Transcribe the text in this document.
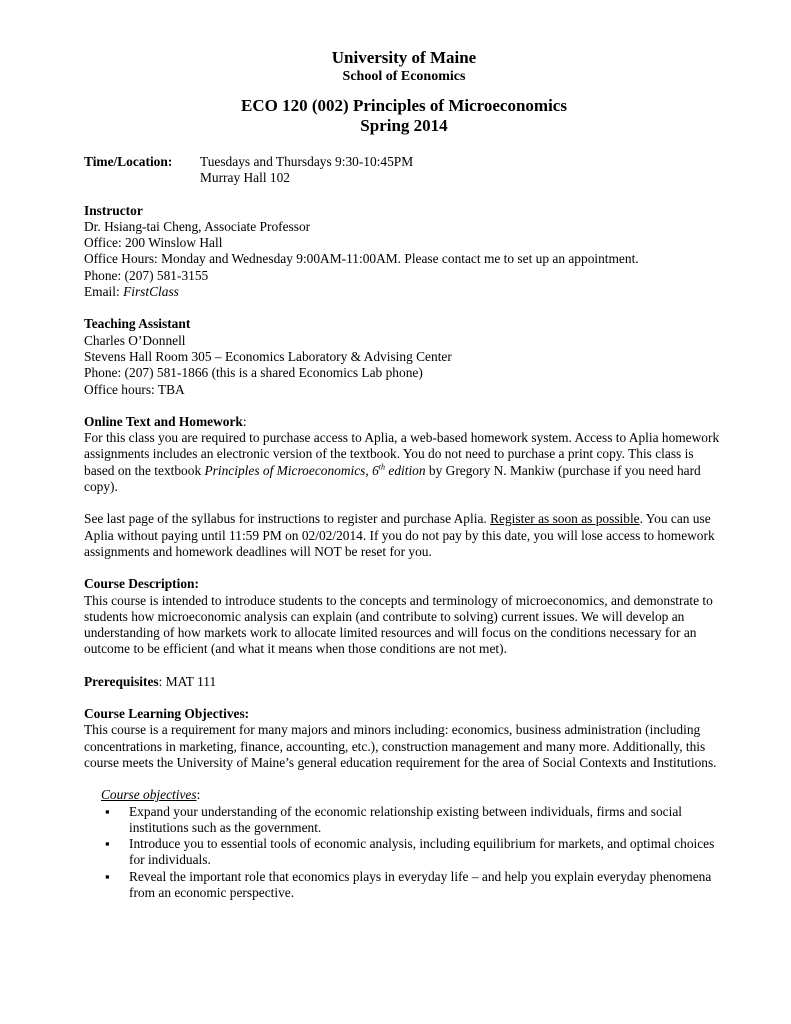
University of Maine
School of Economics
ECO 120 (002) Principles of Microeconomics
Spring 2014
Time/Location:	Tuesdays and Thursdays 9:30-10:45PM
Murray Hall 102
Instructor
Dr. Hsiang-tai Cheng, Associate Professor
Office: 200 Winslow Hall
Office Hours: Monday and Wednesday 9:00AM-11:00AM. Please contact me to set up an appointment.
Phone: (207) 581-3155
Email: FirstClass
Teaching Assistant
Charles O’Donnell
Stevens Hall Room 305 – Economics Laboratory & Advising Center
Phone: (207) 581-1866 (this is a shared Economics Lab phone)
Office hours: TBA
Online Text and Homework:
For this class you are required to purchase access to Aplia, a web-based homework system. Access to Aplia homework assignments includes an electronic version of the textbook. You do not need to purchase a print copy. This class is based on the textbook Principles of Microeconomics, 6th edition by Gregory N. Mankiw (purchase if you need hard copy).
See last page of the syllabus for instructions to register and purchase Aplia. Register as soon as possible. You can use Aplia without paying until 11:59 PM on 02/02/2014. If you do not pay by this date, you will lose access to homework assignments and homework deadlines will NOT be reset for you.
Course Description:
This course is intended to introduce students to the concepts and terminology of microeconomics, and demonstrate to students how microeconomic analysis can explain (and contribute to solving) current issues. We will develop an understanding of how markets work to allocate limited resources and will focus on the conditions necessary for an outcome to be efficient (and what it means when those conditions are not met).
Prerequisites: MAT 111
Course Learning Objectives:
This course is a requirement for many majors and minors including: economics, business administration (including concentrations in marketing, finance, accounting, etc.), construction management and many more. Additionally, this course meets the University of Maine’s general education requirement for the area of Social Contexts and Institutions.
Course objectives:
▪ Expand your understanding of the economic relationship existing between individuals, firms and social institutions such as the government.
▪ Introduce you to essential tools of economic analysis, including equilibrium for markets, and optimal choices for individuals.
▪ Reveal the important role that economics plays in everyday life – and help you explain everyday phenomena from an economic perspective.
